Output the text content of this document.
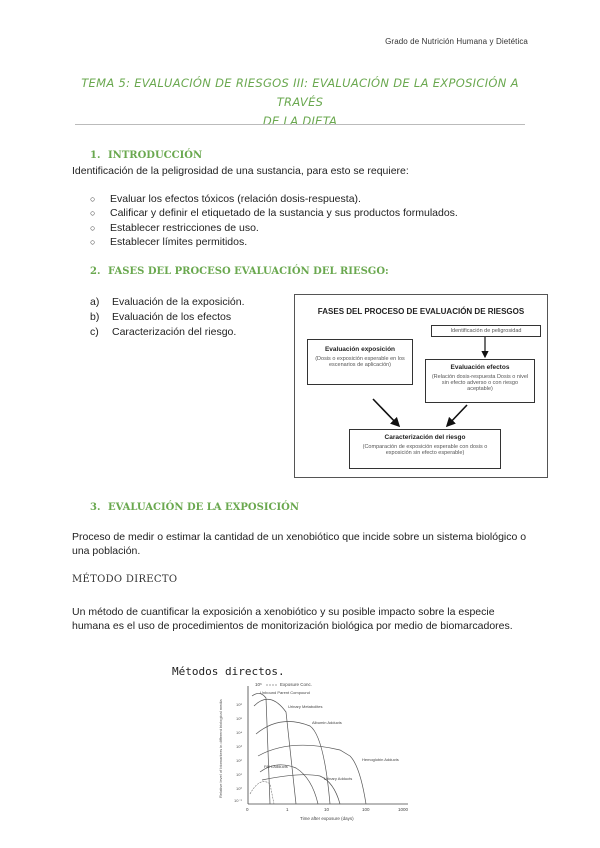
Grado de Nutrición Humana y Dietética
TEMA 5: EVALUACIÓN DE RIESGOS III: EVALUACIÓN DE LA EXPOSICIÓN A TRAVÉS
DE LA DIETA
1. INTRODUCCIÓN
Identificación de la peligrosidad de una sustancia, para esto se requiere:
○ Evaluar los efectos tóxicos (relación dosis-respuesta).
○ Calificar y definir el etiquetado de la sustancia y sus productos formulados.
○ Establecer restricciones de uso.
○ Establecer límites permitidos.
2. FASES DEL PROCESO EVALUACIÓN DEL RIESGO:
a) Evaluación de la exposición.
b) Evaluación de los efectos
c) Caracterización del riesgo.
FASES DEL PROCESO DE EVALUACIÓN DE RIESGOS
Identificación de peligrosidad
Evaluación exposición
(Dosis o exposición esperable en los escenarios de aplicación)	Evaluación efectos
(Relación dosis-respuesta Dosis o nivel sin efecto adverso o con riesgo aceptable)
Caracterización del riesgo
(Comparación de exposición esperable con dosis o exposición sin efecto esperable)
3. EVALUACIÓN DE LA EXPOSICIÓN
Proceso de medir o estimar la cantidad de un xenobiótico que incide sobre un sistema biológico o una población.
MÉTODO DIRECTO
Un método de cuantificar la exposición a xenobiótico y su posible impacto sobre la especie humana es el uso de procedimientos de monitorización biológica por medio de biomarcadores.
Métodos directos.
10⁶	Exposure Conc.
10⁶
10⁵
10⁴
10³
10²
10¹
10⁰
10⁻¹
Relative level of biomarkers in different biological media
0	1	10	100	1000
Time after exposure (days)
Unbound Parent Compound
Urinary Metabolites
Albumin Adducts
Hemoglobin Adducts
PAH-Adducts
Urinary Adducts
